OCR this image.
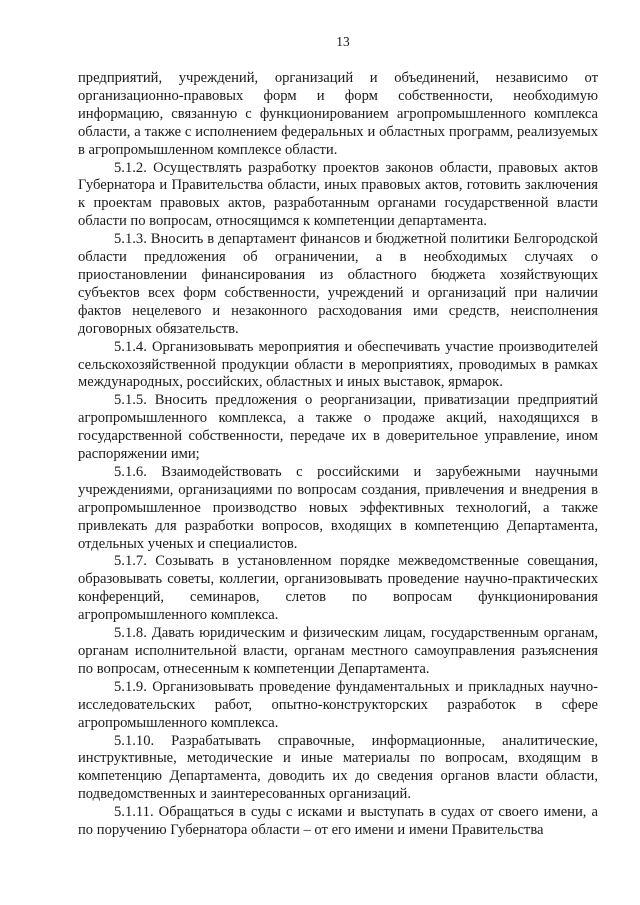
13

предприятий, учреждений, организаций и объединений, независимо от организационно-правовых форм и форм собственности, необходимую информацию, связанную с функционированием агропромышленного комплекса области, а также с исполнением федеральных и областных программ, реализуемых в агропромышленном комплексе области.

5.1.2. Осуществлять разработку проектов законов области, правовых актов Губернатора и Правительства области, иных правовых актов, готовить заключения к проектам правовых актов, разработанным органами государственной власти области по вопросам, относящимся к компетенции департамента.

5.1.3. Вносить в департамент финансов и бюджетной политики Белгородской области предложения об ограничении, а в необходимых случаях о приостановлении финансирования из областного бюджета хозяйствующих субъектов всех форм собственности, учреждений и организаций при наличии фактов нецелевого и незаконного расходования ими средств, неисполнения договорных обязательств.

5.1.4. Организовывать мероприятия и обеспечивать участие производителей сельскохозяйственной продукции области в мероприятиях, проводимых в рамках международных, российских, областных и иных выставок, ярмарок.

5.1.5. Вносить предложения о реорганизации, приватизации предприятий агропромышленного комплекса, а также о продаже акций, находящихся в государственной собственности, передаче их в доверительное управление, ином распоряжении ими;

5.1.6. Взаимодействовать с российскими и зарубежными научными учреждениями, организациями по вопросам создания, привлечения и внедрения в агропромышленное производство новых эффективных технологий, а также привлекать для разработки вопросов, входящих в компетенцию Департамента, отдельных ученых и специалистов.

5.1.7. Созывать в установленном порядке межведомственные совещания, образовывать советы, коллегии, организовывать проведение научно-практических конференций, семинаров, слетов по вопросам функционирования агропромышленного комплекса.

5.1.8. Давать юридическим и физическим лицам, государственным органам, органам исполнительной власти, органам местного самоуправления разъяснения по вопросам, отнесенным к компетенции Департамента.

5.1.9. Организовывать проведение фундаментальных и прикладных научно-исследовательских работ, опытно-конструкторских разработок в сфере агропромышленного комплекса.

5.1.10. Разрабатывать справочные, информационные, аналитические, инструктивные, методические и иные материалы по вопросам, входящим в компетенцию Департамента, доводить их до сведения органов власти области, подведомственных и заинтересованных организаций.

5.1.11. Обращаться в суды с исками и выступать в судах от своего имени, а по поручению Губернатора области – от его имени и имени Правительства
